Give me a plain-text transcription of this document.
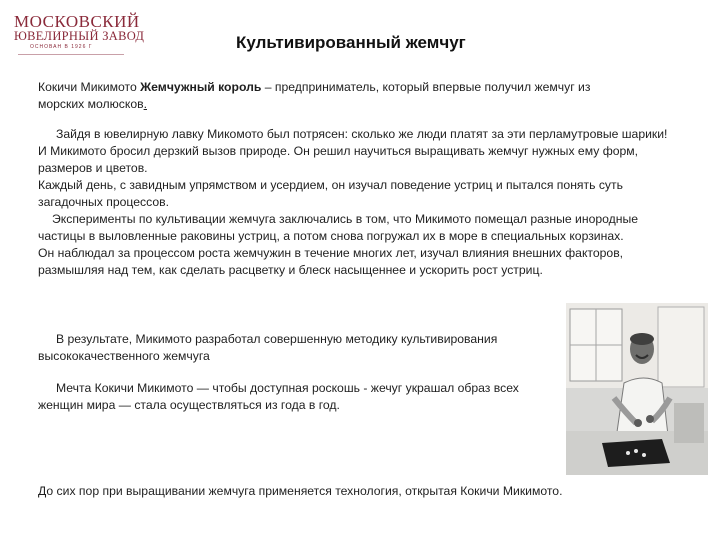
МОСКОВСКИЙ
ЮВЕЛИРНЫЙ ЗАВОД
ОСНОВАН В 1926 Г	Культивированный жемчуг
Кокичи Микимото Жемчужный король – предприниматель, который впервые получил жемчуг из морских молюсков.
Зайдя в ювелирную лавку Микомото был потрясен: сколько же люди платят за эти перламутровые шарики! И Микимото бросил дерзкий вызов природе. Он решил научиться выращивать жемчуг нужных ему форм, размеров и цветов.
Каждый день, с завидным упрямством и усердием, он изучал поведение устриц и пытался понять суть загадочных процессов.
Эксперименты по культивации жемчуга заключались в том, что Микимото помещал разные инородные частицы в выловленные раковины устриц, а потом снова погружал их в море в специальных корзинах.
Он наблюдал за процессом роста жемчужин в течение многих лет, изучал влияния внешних факторов, размышляя над тем, как сделать расцветку и блеск насыщеннее и ускорить рост устриц.
В результате, Микимото разработал совершенную методику культивирования высококачественного жемчуга
Мечта Кокичи Микимото — чтобы доступная роскошь - жечуг украшал образ всех женщин мира — стала осуществляться из года в год.
До сих пор при выращивании жемчуга применяется технология, открытая Кокичи Микимото.
